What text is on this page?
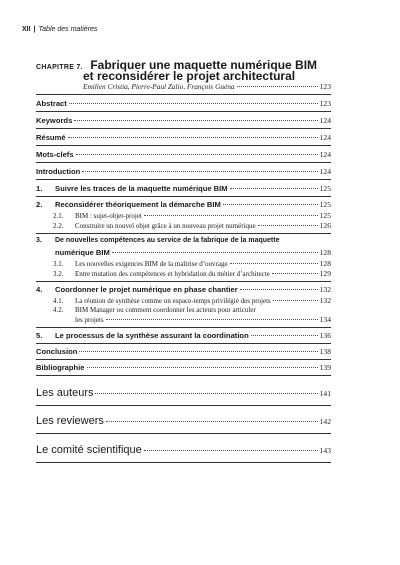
XII | Table des matières
CHAPITRE 7. Fabriquer une maquette numérique BIM
et reconsidérer le projet architectural
Emilien Cristia, Pierre-Paul Zalio, François Guéna	123
Abstract	123
Keywords	124
Résumé	124
Mots-clefs	124
Introduction	124
1. Suivre les traces de la maquette numérique BIM	125
2. Reconsidérer théoriquement la démarche BIM	125
2.1. BIM : sujet-objet-projet	125
2.2. Construire un nouvel objet grâce à un nouveau projet numérique	126
3. De nouvelles compétences au service de la fabrique de la maquette
numérique BIM	128
3.1. Les nouvelles exigences BIM de la maîtrise d’ouvrage	128
3.2. Entre mutation des compétences et hybridation du métier d’architecte	129
4. Coordonner le projet numérique en phase chantier	132
4.1. La réunion de synthèse comme un espace-temps privilégié des projets	132
4.2. BIM Manager ou comment coordonner les acteurs pour articuler
les projets	134
5. Le processus de la synthèse assurant la coordination	136
Conclusion	138
Bibliographie	139
Les auteurs	141
Les reviewers	142
Le comité scientifique	143
